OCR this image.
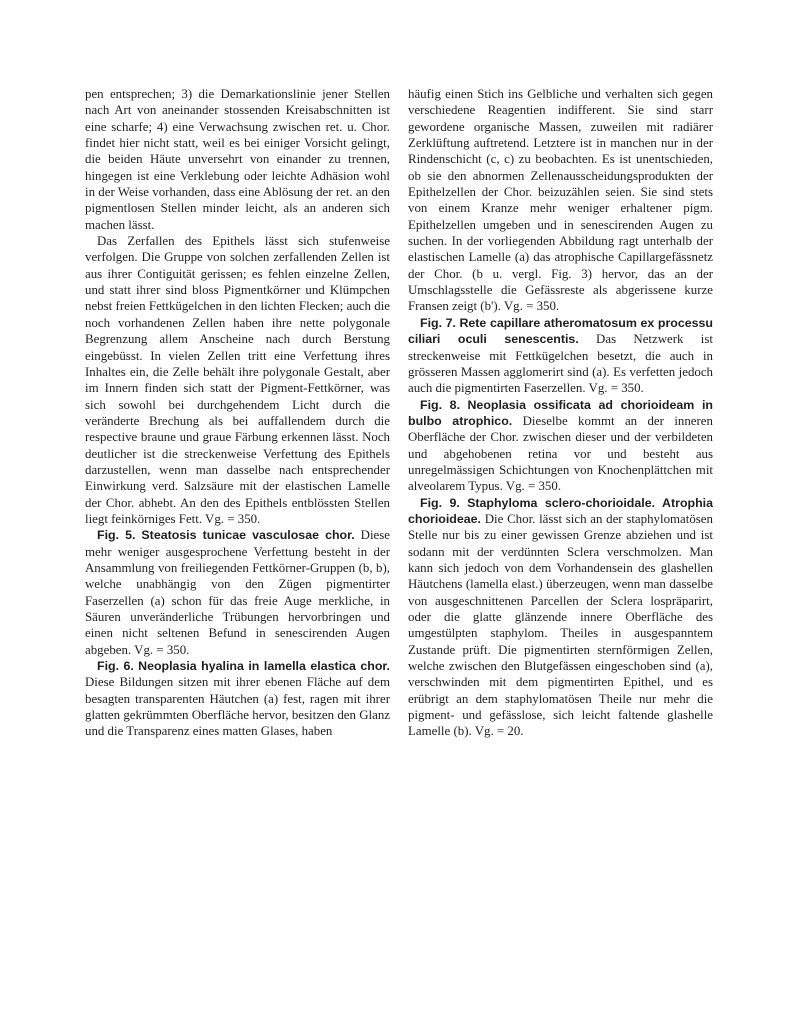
pen entsprechen; 3) die Demarkationslinie jener Stellen nach Art von aneinander stossenden Kreisabschnitten ist eine scharfe; 4) eine Verwachsung zwischen ret. u. Chor. findet hier nicht statt, weil es bei einiger Vorsicht gelingt, die beiden Häute unversehrt von einander zu trennen, hingegen ist eine Verklebung oder leichte Adhäsion wohl in der Weise vorhanden, dass eine Ablösung der ret. an den pigmentlosen Stellen minder leicht, als an anderen sich machen lässt.

Das Zerfallen des Epithels lässt sich stufenweise verfolgen. Die Gruppe von solchen zerfallenden Zellen ist aus ihrer Contiguität gerissen; es fehlen einzelne Zellen, und statt ihrer sind bloss Pigmentkörner und Klümpchen nebst freien Fettkügelchen in den lichten Flecken; auch die noch vorhandenen Zellen haben ihre nette polygonale Begrenzung allem Anscheine nach durch Berstung eingebüsst. In vielen Zellen tritt eine Verfettung ihres Inhaltes ein, die Zelle behält ihre polygonale Gestalt, aber im Innern finden sich statt der Pigment-Fettkörner, was sich sowohl bei durchgehendem Licht durch die veränderte Brechung als bei auffallendem durch die respective braune und graue Färbung erkennen lässt. Noch deutlicher ist die streckenweise Verfettung des Epithels darzustellen, wenn man dasselbe nach entsprechender Einwirkung verd. Salzsäure mit der elastischen Lamelle der Chor. abhebt. An den des Epithels entblössten Stellen liegt feinkörniges Fett. Vg. = 350.

Fig. 5. Steatosis tunicae vasculosae chor. Diese mehr weniger ausgesprochene Verfettung besteht in der Ansammlung von freiliegenden Fettkörner-Gruppen (b, b), welche unabhängig von den Zügen pigmentirter Faserzellen (a) schon für das freie Auge merkliche, in Säuren unveränderliche Trübungen hervorbringen und einen nicht seltenen Befund in senescirenden Augen abgeben. Vg. = 350.

Fig. 6. Neoplasia hyalina in lamella elastica chor. Diese Bildungen sitzen mit ihrer ebenen Fläche auf dem besagten transparenten Häutchen (a) fest, ragen mit ihrer glatten gekrümmten Oberfläche hervor, besitzen den Glanz und die Transparenz eines matten Glases, haben

häufig einen Stich ins Gelbliche und verhalten sich gegen verschiedene Reagentien indifferent. Sie sind starr gewordene organische Massen, zuweilen mit radiärer Zerklüftung auftretend. Letztere ist in manchen nur in der Rindenschicht (c, c) zu beobachten. Es ist unentschieden, ob sie den abnormen Zellenausscheidungsprodukten der Epithelzellen der Chor. beizuzählen seien. Sie sind stets von einem Kranze mehr weniger erhaltener pigm. Epithelzellen umgeben und in senescirenden Augen zu suchen. In der vorliegenden Abbildung ragt unterhalb der elastischen Lamelle (a) das atrophische Capillargefässnetz der Chor. (b u. vergl. Fig. 3) hervor, das an der Umschlagsstelle die Gefässreste als abgerissene kurze Fransen zeigt (b'). Vg. = 350.

Fig. 7. Rete capillare atheromatosum ex processu ciliari oculi senescentis. Das Netzwerk ist streckenweise mit Fettkügelchen besetzt, die auch in grösseren Massen agglomerirt sind (a). Es verfetten jedoch auch die pigmentirten Faserzellen. Vg. = 350.

Fig. 8. Neoplasia ossificata ad chorioideam in bulbo atrophico. Dieselbe kommt an der inneren Oberfläche der Chor. zwischen dieser und der verbildeten und abgehobenen retina vor und besteht aus unregelmässigen Schichtungen von Knochenplättchen mit alveolarem Typus. Vg. = 350.

Fig. 9. Staphyloma sclero-chorioidale. Atrophia chorioideae. Die Chor. lässt sich an der staphylomatösen Stelle nur bis zu einer gewissen Grenze abziehen und ist sodann mit der verdünnten Sclera verschmolzen. Man kann sich jedoch von dem Vorhandensein des glashellen Häutchens (lamella elast.) überzeugen, wenn man dasselbe von ausgeschnittenen Parcellen der Sclera lospräparirt, oder die glatte glänzende innere Oberfläche des umgestülpten staphylom. Theiles in ausgespanntem Zustande prüft. Die pigmentirten sternförmigen Zellen, welche zwischen den Blutgefässen eingeschoben sind (a), verschwinden mit dem pigmentirten Epithel, und es erübrigt an dem staphylomatösen Theile nur mehr die pigment- und gefässlose, sich leicht faltende glashelle Lamelle (b). Vg. = 20.
